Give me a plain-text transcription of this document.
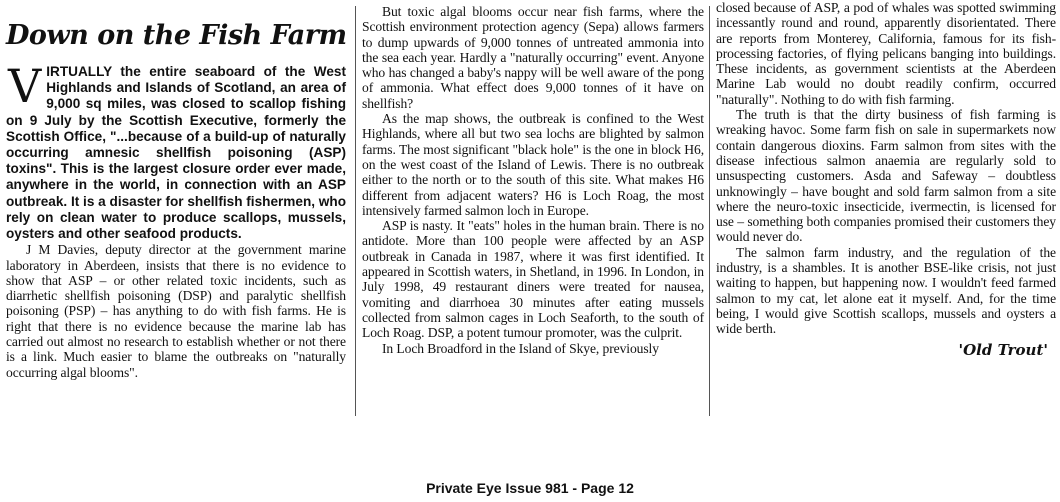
Down on the Fish Farm

VIRTUALLY the entire seaboard of the West Highlands and Islands of Scotland, an area of 9,000 sq miles, was closed to scallop fishing on 9 July by the Scottish Executive, formerly the Scottish Office, "...because of a build-up of naturally occurring amnesic shellfish poisoning (ASP) toxins". This is the largest closure order ever made, anywhere in the world, in connection with an ASP outbreak. It is a disaster for shellfish fishermen, who rely on clean water to produce scallops, mussels, oysters and other seafood products.

J M Davies, deputy director at the government marine laboratory in Aberdeen, insists that there is no evidence to show that ASP – or other related toxic incidents, such as diarrhetic shellfish poisoning (DSP) and paralytic shellfish poisoning (PSP) – has anything to do with fish farms. He is right that there is no evidence because the marine lab has carried out almost no research to establish whether or not there is a link. Much easier to blame the outbreaks on "naturally occurring algal blooms".

But toxic algal blooms occur near fish farms, where the Scottish environment protection agency (Sepa) allows farmers to dump upwards of 9,000 tonnes of untreated ammonia into the sea each year. Hardly a "naturally occurring" event. Anyone who has changed a baby's nappy will be well aware of the pong of ammonia. What effect does 9,000 tonnes of it have on shellfish?

As the map shows, the outbreak is confined to the West Highlands, where all but two sea lochs are blighted by salmon farms. The most significant "black hole" is the one in block H6, on the west coast of the Island of Lewis. There is no outbreak either to the north or to the south of this site. What makes H6 different from adjacent waters? H6 is Loch Roag, the most intensively farmed salmon loch in Europe.

ASP is nasty. It "eats" holes in the human brain. There is no antidote. More than 100 people were affected by an ASP outbreak in Canada in 1987, where it was first identified. It appeared in Scottish waters, in Shetland, in 1996. In London, in July 1998, 49 restaurant diners were treated for nausea, vomiting and diarrhoea 30 minutes after eating mussels collected from salmon cages in Loch Seaforth, to the south of Loch Roag. DSP, a potent tumour promoter, was the culprit.

In Loch Broadford in the Island of Skye, previously

closed because of ASP, a pod of whales was spotted swimming incessantly round and round, apparently disorientated. There are reports from Monterey, California, famous for its fish-processing factories, of flying pelicans banging into buildings. These incidents, as government scientists at the Aberdeen Marine Lab would no doubt readily confirm, occurred "naturally". Nothing to do with fish farming.

The truth is that the dirty business of fish farming is wreaking havoc. Some farm fish on sale in supermarkets now contain dangerous dioxins. Farm salmon from sites with the disease infectious salmon anaemia are regularly sold to unsuspecting customers. Asda and Safeway – doubtless unknowingly – have bought and sold farm salmon from a site where the neuro-toxic insecticide, ivermectin, is licensed for use – something both companies promised their customers they would never do.

The salmon farm industry, and the regulation of the industry, is a shambles. It is another BSE-like crisis, not just waiting to happen, but happening now. I wouldn't feed farmed salmon to my cat, let alone eat it myself. And, for the time being, I would give Scottish scallops, mussels and oysters a wide berth.

'Old Trout'
Private Eye Issue 981 - Page 12
